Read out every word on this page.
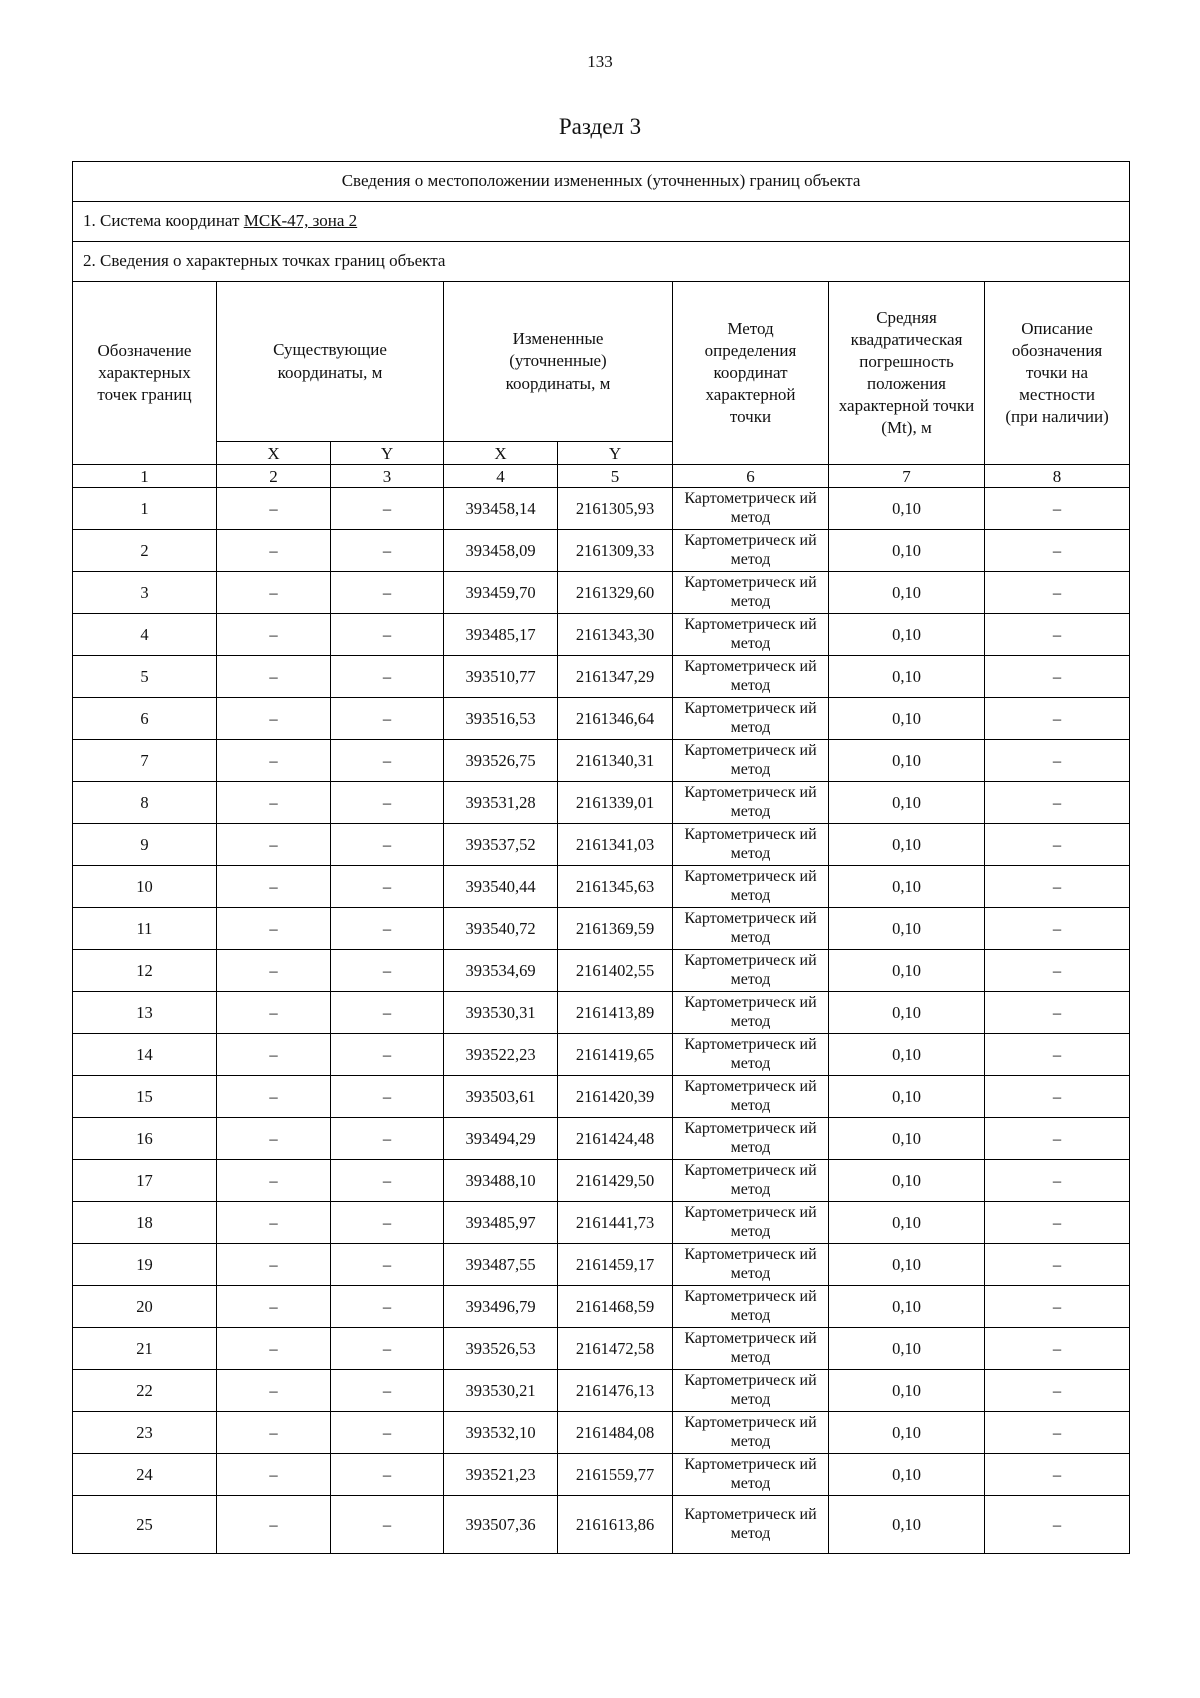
133
Раздел 3
Сведения о местоположении измененных (уточненных) границ объекта							
1. Система координат МСК-47, зона 2							
2. Сведения о характерных точках границ объекта							

Обозначение характерных точек границ	Существующие координаты, м		Измененные (уточненные) координаты, м		Метод определения координат характерной точки	Средняя квадратическая погрешность положения характерной точки (Mt), м	Описание обозначения точки на местности (при наличии)

	X	Y	X	Y			
1	2	3	4	5	6	7	8
1	–	–	393458,14	2161305,93	Картометрическ ий метод	0,10	–
2	–	–	393458,09	2161309,33	Картометрическ ий метод	0,10	–
3	–	–	393459,70	2161329,60	Картометрическ ий метод	0,10	–
4	–	–	393485,17	2161343,30	Картометрическ ий метод	0,10	–
5	–	–	393510,77	2161347,29	Картометрическ ий метод	0,10	–
6	–	–	393516,53	2161346,64	Картометрическ ий метод	0,10	–
7	–	–	393526,75	2161340,31	Картометрическ ий метод	0,10	–
8	–	–	393531,28	2161339,01	Картометрическ ий метод	0,10	–
9	–	–	393537,52	2161341,03	Картометрическ ий метод	0,10	–
10	–	–	393540,44	2161345,63	Картометрическ ий метод	0,10	–
11	–	–	393540,72	2161369,59	Картометрическ ий метод	0,10	–
12	–	–	393534,69	2161402,55	Картометрическ ий метод	0,10	–
13	–	–	393530,31	2161413,89	Картометрическ ий метод	0,10	–
14	–	–	393522,23	2161419,65	Картометрическ ий метод	0,10	–
15	–	–	393503,61	2161420,39	Картометрическ ий метод	0,10	–
16	–	–	393494,29	2161424,48	Картометрическ ий метод	0,10	–
17	–	–	393488,10	2161429,50	Картометрическ ий метод	0,10	–
18	–	–	393485,97	2161441,73	Картометрическ ий метод	0,10	–
19	–	–	393487,55	2161459,17	Картометрическ ий метод	0,10	–
20	–	–	393496,79	2161468,59	Картометрическ ий метод	0,10	–
21	–	–	393526,53	2161472,58	Картометрическ ий метод	0,10	–
22	–	–	393530,21	2161476,13	Картометрическ ий метод	0,10	–
23	–	–	393532,10	2161484,08	Картометрическ ий метод	0,10	–
24	–	–	393521,23	2161559,77	Картометрическ ий метод	0,10	–
25	–	–	393507,36	2161613,86	Картометрическ ий метод	0,10	–
